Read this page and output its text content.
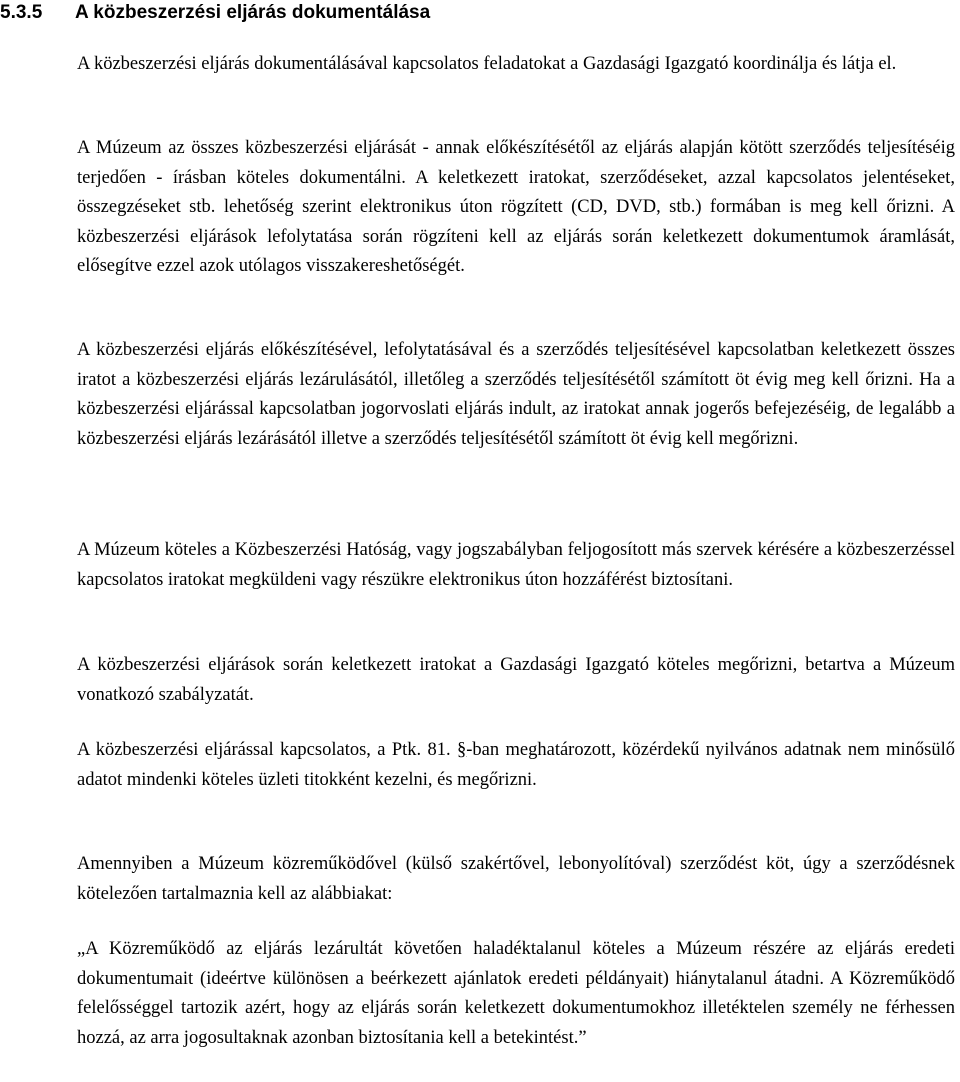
5.3.5 A közbeszerzési eljárás dokumentálása

A közbeszerzési eljárás dokumentálásával kapcsolatos feladatokat a Gazdasági Igazgató koordinálja és látja el.

A Múzeum az összes közbeszerzési eljárását - annak előkészítésétől az eljárás alapján kötött szerződés teljesítéséig terjedően - írásban köteles dokumentálni. A keletkezett iratokat, szerződéseket, azzal kapcsolatos jelentéseket, összegzéseket stb. lehetőség szerint elektronikus úton rögzített (CD, DVD, stb.) formában is meg kell őrizni. A közbeszerzési eljárások lefolytatása során rögzíteni kell az eljárás során keletkezett dokumentumok áramlását, elősegítve ezzel azok utólagos visszakereshetőségét.

A közbeszerzési eljárás előkészítésével, lefolytatásával és a szerződés teljesítésével kapcsolatban keletkezett összes iratot a közbeszerzési eljárás lezárulásától, illetőleg a szerződés teljesítésétől számított öt évig meg kell őrizni. Ha a közbeszerzési eljárással kapcsolatban jogorvoslati eljárás indult, az iratokat annak jogerős befejezéséig, de legalább a közbeszerzési eljárás lezárásától illetve a szerződés teljesítésétől számított öt évig kell megőrizni.

A Múzeum köteles a Közbeszerzési Hatóság, vagy jogszabályban feljogosított más szervek kérésére a közbeszerzéssel kapcsolatos iratokat megküldeni vagy részükre elektronikus úton hozzáférést biztosítani.

A közbeszerzési eljárások során keletkezett iratokat a Gazdasági Igazgató köteles megőrizni, betartva a Múzeum vonatkozó szabályzatát.

A közbeszerzési eljárással kapcsolatos, a Ptk. 81. §-ban meghatározott, közérdekű nyilvános adatnak nem minősülő adatot mindenki köteles üzleti titokként kezelni, és megőrizni.

Amennyiben a Múzeum közreműködővel (külső szakértővel, lebonyolítóval) szerződést köt, úgy a szerződésnek kötelezően tartalmaznia kell az alábbiakat:

„A Közreműködő az eljárás lezárultát követően haladéktalanul köteles a Múzeum részére az eljárás eredeti dokumentumait (ideértve különösen a beérkezett ajánlatok eredeti példányait) hiánytalanul átadni. A Közreműködő felelősséggel tartozik azért, hogy az eljárás során keletkezett dokumentumokhoz illetéktelen személy ne férhessen hozzá, az arra jogosultaknak azonban biztosítania kell a betekintést.”
